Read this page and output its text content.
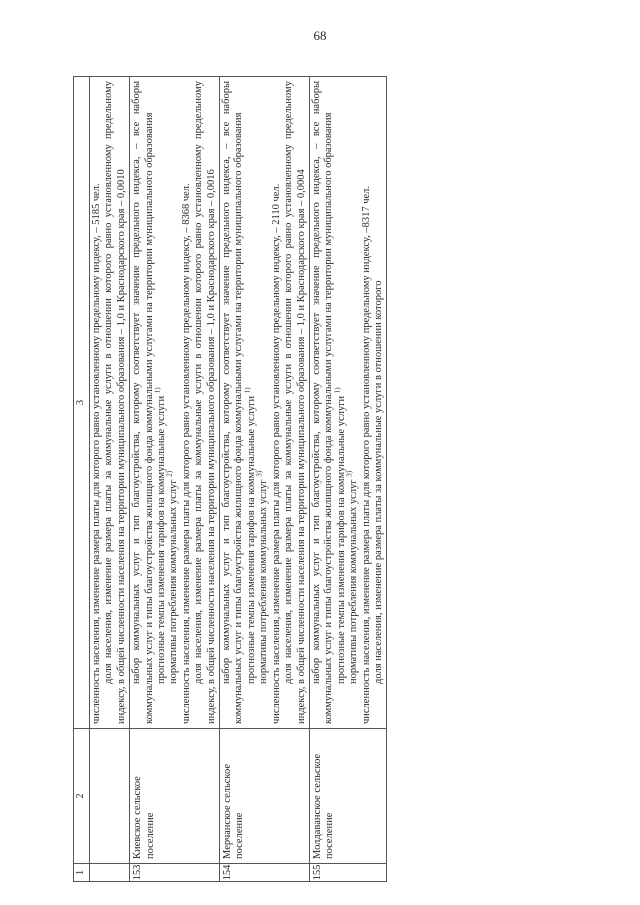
68
1	2	3

		численность населения, изменение размера платы для которого равно установленному предельному индексу, – 5185 чел. доля населения, изменение размера платы за коммунальные услуги в отношении которого равно установленному предельному индексу, в общей численности населения на территории муниципального образования – 1,0 и Краснодарского края – 0,0010

153	Киевское сельское поселение	набор коммунальных услуг и тип благоустройства, которому соответствует значение предельного индекса, – все наборы коммунальных услуг и типы благоустройства жилищного фонда коммунальными услугами на территории муниципального образования прогнозные темпы изменения тарифов на коммунальные услуги $^{1)}$

нормативы потребления коммунальных услуг $^{2)}$ численность населения, изменение размера платы для которого равно установленному предельному индексу, – 8368 чел. доля населения, изменение размера платы за коммунальные услуги в отношении которого равно установленному предельному индексу, в общей численности населения на территории муниципального образования – 1,0 и Краснодарского края – 0,0016

154	Мерчанское сельское поселение	набор коммунальных услуг и тип благоустройства, которому соответствует значение предельного индекса, – все наборы коммунальных услуг и типы благоустройства жилищного фонда коммунальными услугами на территории муниципального образования прогнозные темпы изменения тарифов на коммунальные услуги $^{1)}$

нормативы потребления коммунальных услуг $^{3)}$ численность населения, изменение размера платы для которого равно установленному предельному индексу, – 2110 чел. доля населения, изменение размера платы за коммунальные услуги в отношении которого равно установленному предельному индексу, в общей численности населения на территории муниципального образования – 1,0 и Краснодарского края – 0,0004

155	Молдаванское сельское поселение	набор коммунальных услуг и тип благоустройства, которому соответствует значение предельного индекса, – все наборы коммунальных услуг и типы благоустройства жилищного фонда коммунальными услугами на территории муниципального образования прогнозные темпы изменения тарифов на коммунальные услуги $^{1)}$

нормативы потребления коммунальных услуг $^{3)}$ численность населения, изменение размера платы для которого равно установленному предельному индексу, –8317 чел. доля населения, изменение размера платы за коммунальные услуги в отношении которого
